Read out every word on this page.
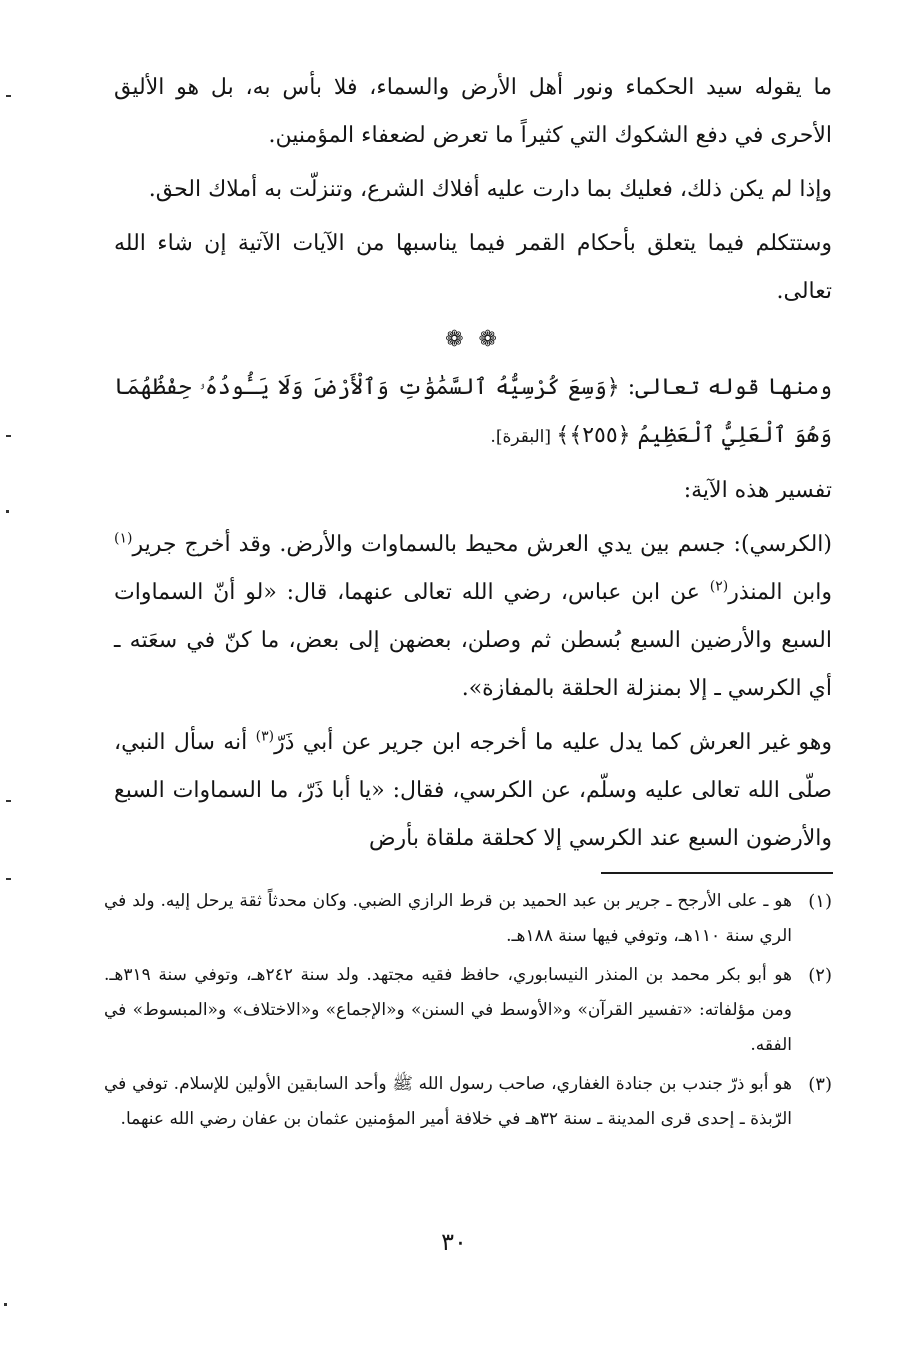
ما يقوله سيد الحكماء ونور أهل الأرض والسماء، فلا بأس به، بل هو الأليق الأحرى في دفع الشكوك التي كثيراً ما تعرض لضعفاء المؤمنين.

وإذا لم يكن ذلك، فعليك بما دارت عليه أفلاك الشرع، وتنزلّت به أملاك الحق.

وستتكلم فيما يتعلق بأحكام القمر فيما يناسبها من الآيات الآتية إن شاء الله تعالى.

❁ ❁

ومنها قوله تعالى: ﴿وَسِعَ كُرْسِيُّهُ ٱلسَّمَٰوَٰتِ وَٱلْأَرْضَ وَلَا يَـُٔودُهُۥ حِفْظُهُمَا وَهُوَ ٱلْعَلِيُّ ٱلْعَظِيمُ ﴿٢٥٥﴾﴾ [البقرة].

تفسير هذه الآية:

(الكرسي): جسم بين يدي العرش محيط بالسماوات والأرض. وقد أخرج جرير$^{(١)}$ وابن المنذر$^{(٢)}$ عن ابن عباس، رضي الله تعالى عنهما، قال: «لو أنّ السماوات السبع والأرضين السبع بُسطن ثم وصلن، بعضهن إلى بعض، ما كنّ في سعَته ـ أي الكرسي ـ إلا بمنزلة الحلقة بالمفازة».

وهو غير العرش كما يدل عليه ما أخرجه ابن جرير عن أبي ذَرّ$^{(٣)}$ أنه سأل النبي، صلّى الله تعالى عليه وسلّم، عن الكرسي، فقال: «يا أبا ذَرّ، ما السماوات السبع والأرضون السبع عند الكرسي إلا كحلقة ملقاة بأرض

(١)
هو ـ على الأرجح ـ جرير بن عبد الحميد بن قرط الرازي الضبي. وكان محدثاً ثقة يرحل إليه. ولد في الري سنة ١١٠هـ، وتوفي فيها سنة ١٨٨هـ.
(٢)
هو أبو بكر محمد بن المنذر النيسابوري، حافظ فقيه مجتهد. ولد سنة ٢٤٢هـ، وتوفي سنة ٣١٩هـ. ومن مؤلفاته: «تفسير القرآن» و«الأوسط في السنن» و«الإجماع» و«الاختلاف» و«المبسوط» في الفقه.
(٣)
هو أبو ذرّ جندب بن جنادة الغفاري، صاحب رسول الله ﷺ وأحد السابقين الأولين للإسلام. توفي في الرّبذة ـ إحدى قرى المدينة ـ سنة ٣٢هـ في خلافة أمير المؤمنين عثمان بن عفان رضي الله عنهما.
٣٠
